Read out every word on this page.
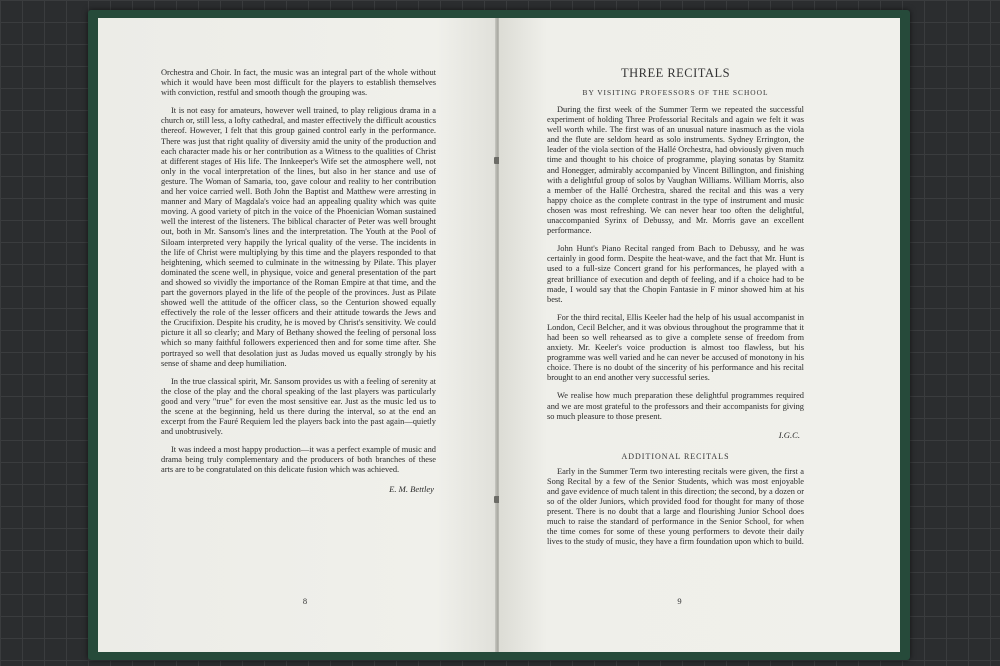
Orchestra and Choir. In fact, the music was an integral part of the whole without which it would have been most difficult for the players to establish themselves with conviction, restful and smooth though the grouping was.

It is not easy for amateurs, however well trained, to play religious drama in a church or, still less, a lofty cathedral, and master effectively the difficult acoustics thereof. However, I felt that this group gained control early in the performance. There was just that right quality of diversity amid the unity of the production and each character made his or her contribution as a Witness to the qualities of Christ at different stages of His life. The Innkeeper's Wife set the atmosphere well, not only in the vocal interpretation of the lines, but also in her stance and use of gesture. The Woman of Samaria, too, gave colour and reality to her contribution and her voice carried well. Both John the Baptist and Matthew were arresting in manner and Mary of Magdala's voice had an appealing quality which was quite moving. A good variety of pitch in the voice of the Phoenician Woman sustained well the interest of the listeners. The biblical character of Peter was well brought out, both in Mr. Sansom's lines and the interpretation. The Youth at the Pool of Siloam interpreted very happily the lyrical quality of the verse. The incidents in the life of Christ were multiplying by this time and the players responded to that heightening, which seemed to culminate in the witnessing by Pilate. This player dominated the scene well, in physique, voice and general presentation of the part and showed so vividly the importance of the Roman Empire at that time, and the part the governors played in the life of the people of the provinces. Just as Pilate showed well the attitude of the officer class, so the Centurion showed equally effectively the role of the lesser officers and their attitude towards the Jews and the Crucifixion. Despite his crudity, he is moved by Christ's sensitivity. We could picture it all so clearly; and Mary of Bethany showed the feeling of personal loss which so many faithful followers experienced then and for some time after. She portrayed so well that desolation just as Judas moved us equally strongly by his sense of shame and deep humiliation.

In the true classical spirit, Mr. Sansom provides us with a feeling of serenity at the close of the play and the choral speaking of the last players was particularly good and very "true" for even the most sensitive ear. Just as the music led us to the scene at the beginning, held us there during the interval, so at the end an excerpt from the Fauré Requiem led the players back into the past again—quietly and unobtrusively.

It was indeed a most happy production—it was a perfect example of music and drama being truly complementary and the producers of both branches of these arts are to be congratulated on this delicate fusion which was achieved.

E. M. Bettley
8
THREE RECITALS
BY VISITING PROFESSORS OF THE SCHOOL

During the first week of the Summer Term we repeated the successful experiment of holding Three Professorial Recitals and again we felt it was well worth while. The first was of an unusual nature inasmuch as the viola and the flute are seldom heard as solo instruments. Sydney Errington, the leader of the viola section of the Hallé Orchestra, had obviously given much time and thought to his choice of programme, playing sonatas by Stamitz and Honegger, admirably accompanied by Vincent Billington, and finishing with a delightful group of solos by Vaughan Williams. William Morris, also a member of the Hallé Orchestra, shared the recital and this was a very happy choice as the complete contrast in the type of instrument and music chosen was most refreshing. We can never hear too often the delightful, unaccompanied Syrinx of Debussy, and Mr. Morris gave an excellent performance.

John Hunt's Piano Recital ranged from Bach to Debussy, and he was certainly in good form. Despite the heat-wave, and the fact that Mr. Hunt is used to a full-size Concert grand for his performances, he played with a great brilliance of execution and depth of feeling, and if a choice had to be made, I would say that the Chopin Fantasie in F minor showed him at his best.

For the third recital, Ellis Keeler had the help of his usual accompanist in London, Cecil Belcher, and it was obvious throughout the programme that it had been so well rehearsed as to give a complete sense of freedom from anxiety. Mr. Keeler's voice production is almost too flawless, but his programme was well varied and he can never be accused of monotony in his choice. There is no doubt of the sincerity of his performance and his recital brought to an end another very successful series.

We realise how much preparation these delightful programmes required and we are most grateful to the professors and their accompanists for giving so much pleasure to those present.

I.G.C.
ADDITIONAL RECITALS

Early in the Summer Term two interesting recitals were given, the first a Song Recital by a few of the Senior Students, which was most enjoyable and gave evidence of much talent in this direction; the second, by a dozen or so of the older Juniors, which provided food for thought for many of those present. There is no doubt that a large and flourishing Junior School does much to raise the standard of performance in the Senior School, for when the time comes for some of these young performers to devote their daily lives to the study of music, they have a firm foundation upon which to build.

9
